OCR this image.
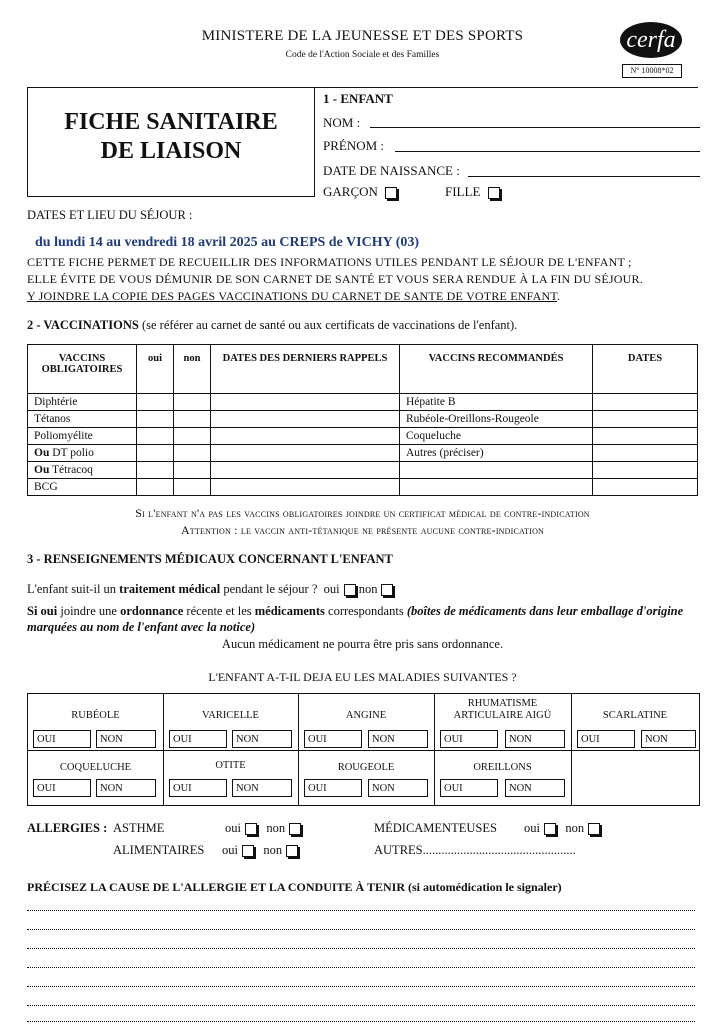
MINISTERE DE LA JEUNESSE ET DES SPORTS
Code de l'Action Sociale et des Familles
cerfa
N° 10008*02
FICHE SANITAIRE
DE LIAISON
1 - ENFANT
NOM :
PRÉNOM :
DATE DE NAISSANCE :
GARÇON	FILLE
DATES ET LIEU DU SÉJOUR :
du lundi 14 au vendredi 18 avril 2025 au CREPS de VICHY (03)
CETTE FICHE PERMET DE RECUEILLIR DES INFORMATIONS UTILES PENDANT LE SÉJOUR DE L'ENFANT ;
ELLE ÉVITE DE VOUS DÉMUNIR DE SON CARNET DE SANTÉ ET VOUS SERA RENDUE À LA FIN DU SÉJOUR.
Y JOINDRE LA COPIE DES PAGES VACCINATIONS DU CARNET DE SANTE DE VOTRE ENFANT.
2 - VACCINATIONS (se référer au carnet de santé ou aux certificats de vaccinations de l'enfant).
VACCINS OBLIGATOIRES	oui	non	DATES DES DERNIERS RAPPELS	VACCINS RECOMMANDÉS	DATES
Diphtérie				Hépatite B	
Tétanos				Rubéole-Oreillons-Rougeole	
Poliomyélite				Coqueluche	
Ou DT polio				Autres (préciser)	
Ou Tétracoq					
BCG					
Si l'enfant n'a pas les vaccins obligatoires joindre un certificat médical de contre-indication
Attention : le vaccin anti-tétanique ne présente aucune contre-indication
3 - RENSEIGNEMENTS MÉDICAUX CONCERNANT L'ENFANT
L'enfant suit-il un traitement médical pendant le séjour ? oui non
Si oui joindre une ordonnance récente et les médicaments correspondants (boîtes de médicaments dans leur emballage d'origine marquées au nom de l'enfant avec la notice)
Aucun médicament ne pourra être pris sans ordonnance.
L'ENFANT A-T-IL DEJA EU LES MALADIES SUIVANTES ?
RUBÉOLE
OUI	NON
VARICELLE
OUI	NON
ANGINE
OUI	NON
RHUMATISME
ARTICULAIRE AIGÜ
OUI	NON
SCARLATINE
OUI	NON
COQUELUCHE
OUI	NON
OTITE
OUI	NON
ROUGEOLE
OUI	NON
OREILLONS
OUI	NON
ALLERGIES : ASTHME	oui non	MÉDICAMENTEUSES oui non
ALIMENTAIRES oui non	AUTRES.................................................
PRÉCISEZ LA CAUSE DE L'ALLERGIE ET LA CONDUITE À TENIR (si automédication le signaler)
